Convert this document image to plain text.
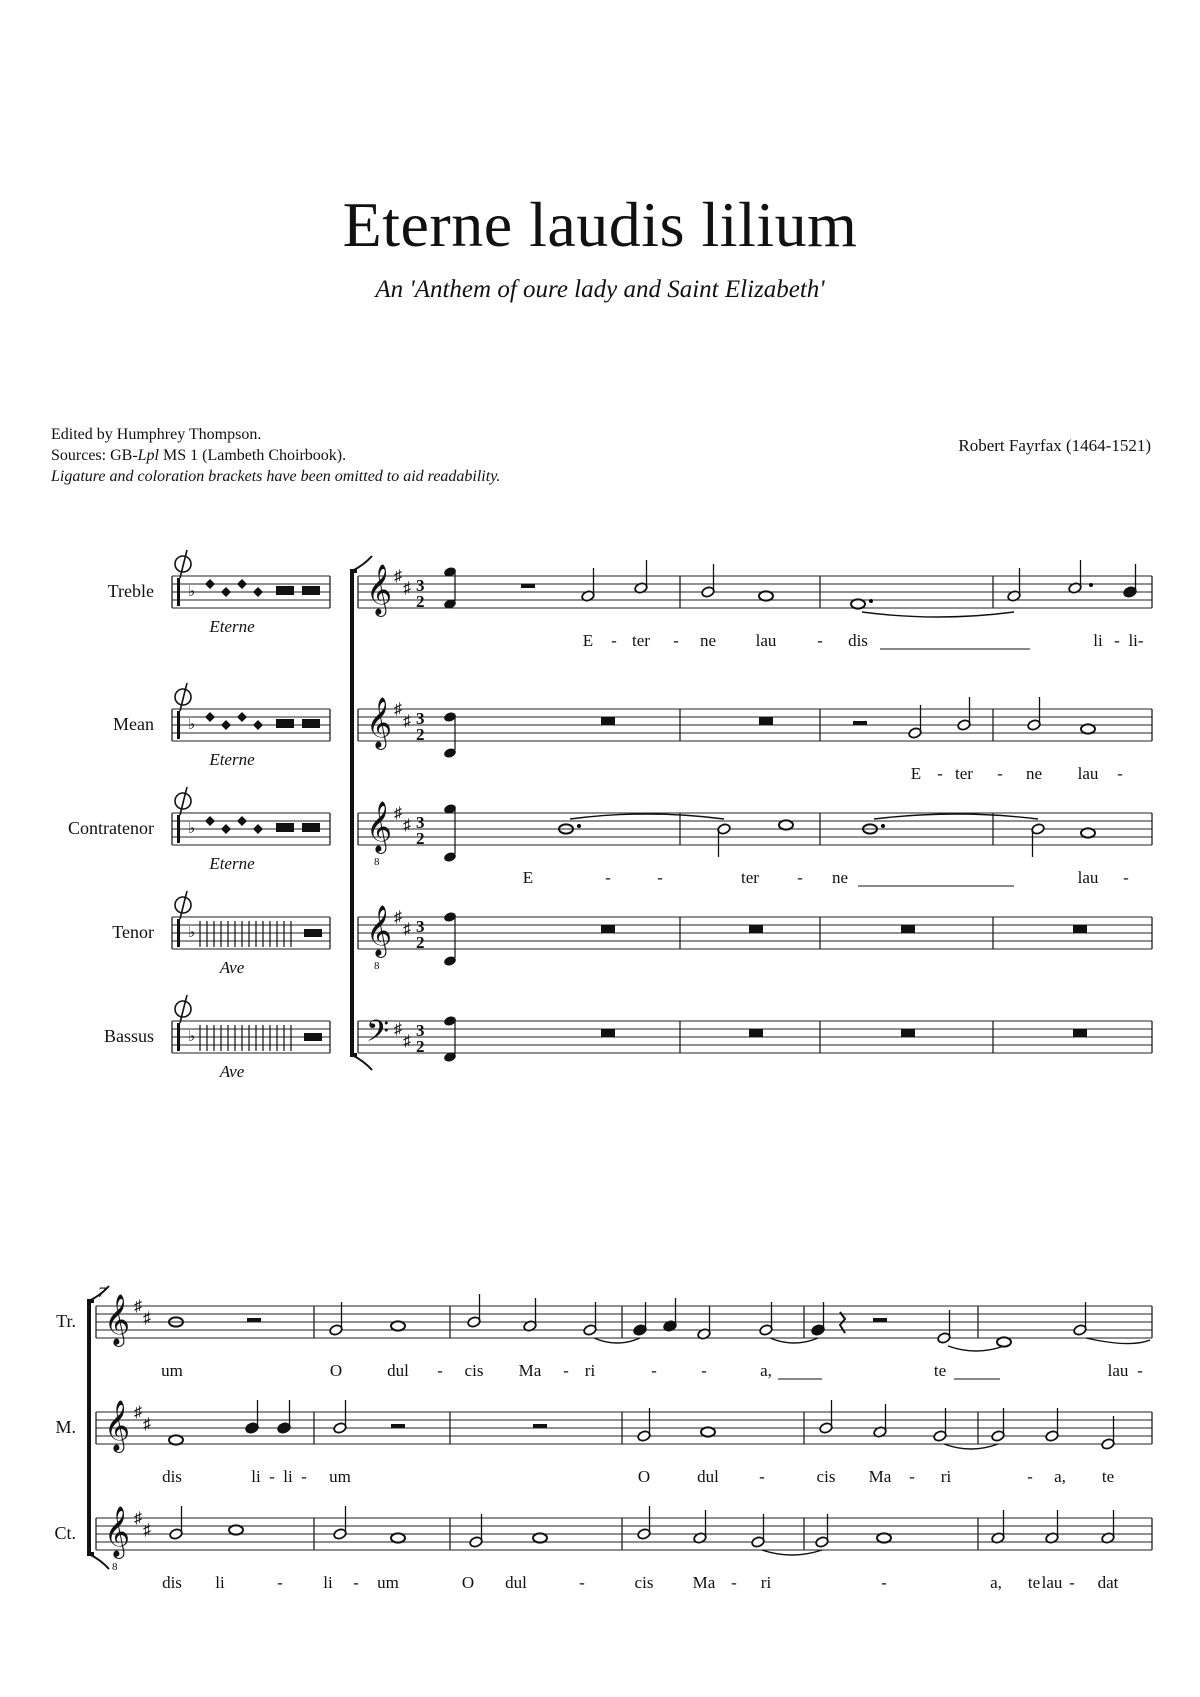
Eterne laudis lilium
An 'Anthem of oure lady and Saint Elizabeth'
Edited by Humphrey Thompson.
Sources: GB-Lpl MS 1 (Lambeth Choirbook).
Ligature and coloration brackets have been omitted to aid readability.
Robert Fayrfax (1464-1521)
Treble ♭
Eterne
𝄞 ♯
♯ 3
2
Mean ♭
Eterne
𝄞 ♯
♯ 3
2
Contratenor ♭
Eterne
𝄞
8
♯
♯ 3
2
Tenor ♭
Ave
𝄞
8
♯
♯ 3
2
Bassus ♭
Ave
𝄢 ♯
♯
3
2
E - ter - ne lau - dis	li - li-
E - ter - ne lau -
E	-	-	ter - ne	lau -
7
Tr. 𝄞 ♯
♯
M. 𝄞 ♯
♯
Ct. 𝄞
8
♯
♯
um	O	dul - cis Ma - ri	-	-	a,	te	lau -
dis	li - li - um	O	dul -	cis Ma - ri	- a, te
dis li	- li - um	O dul	-	cis Ma - ri	-	a, te lau - dat
